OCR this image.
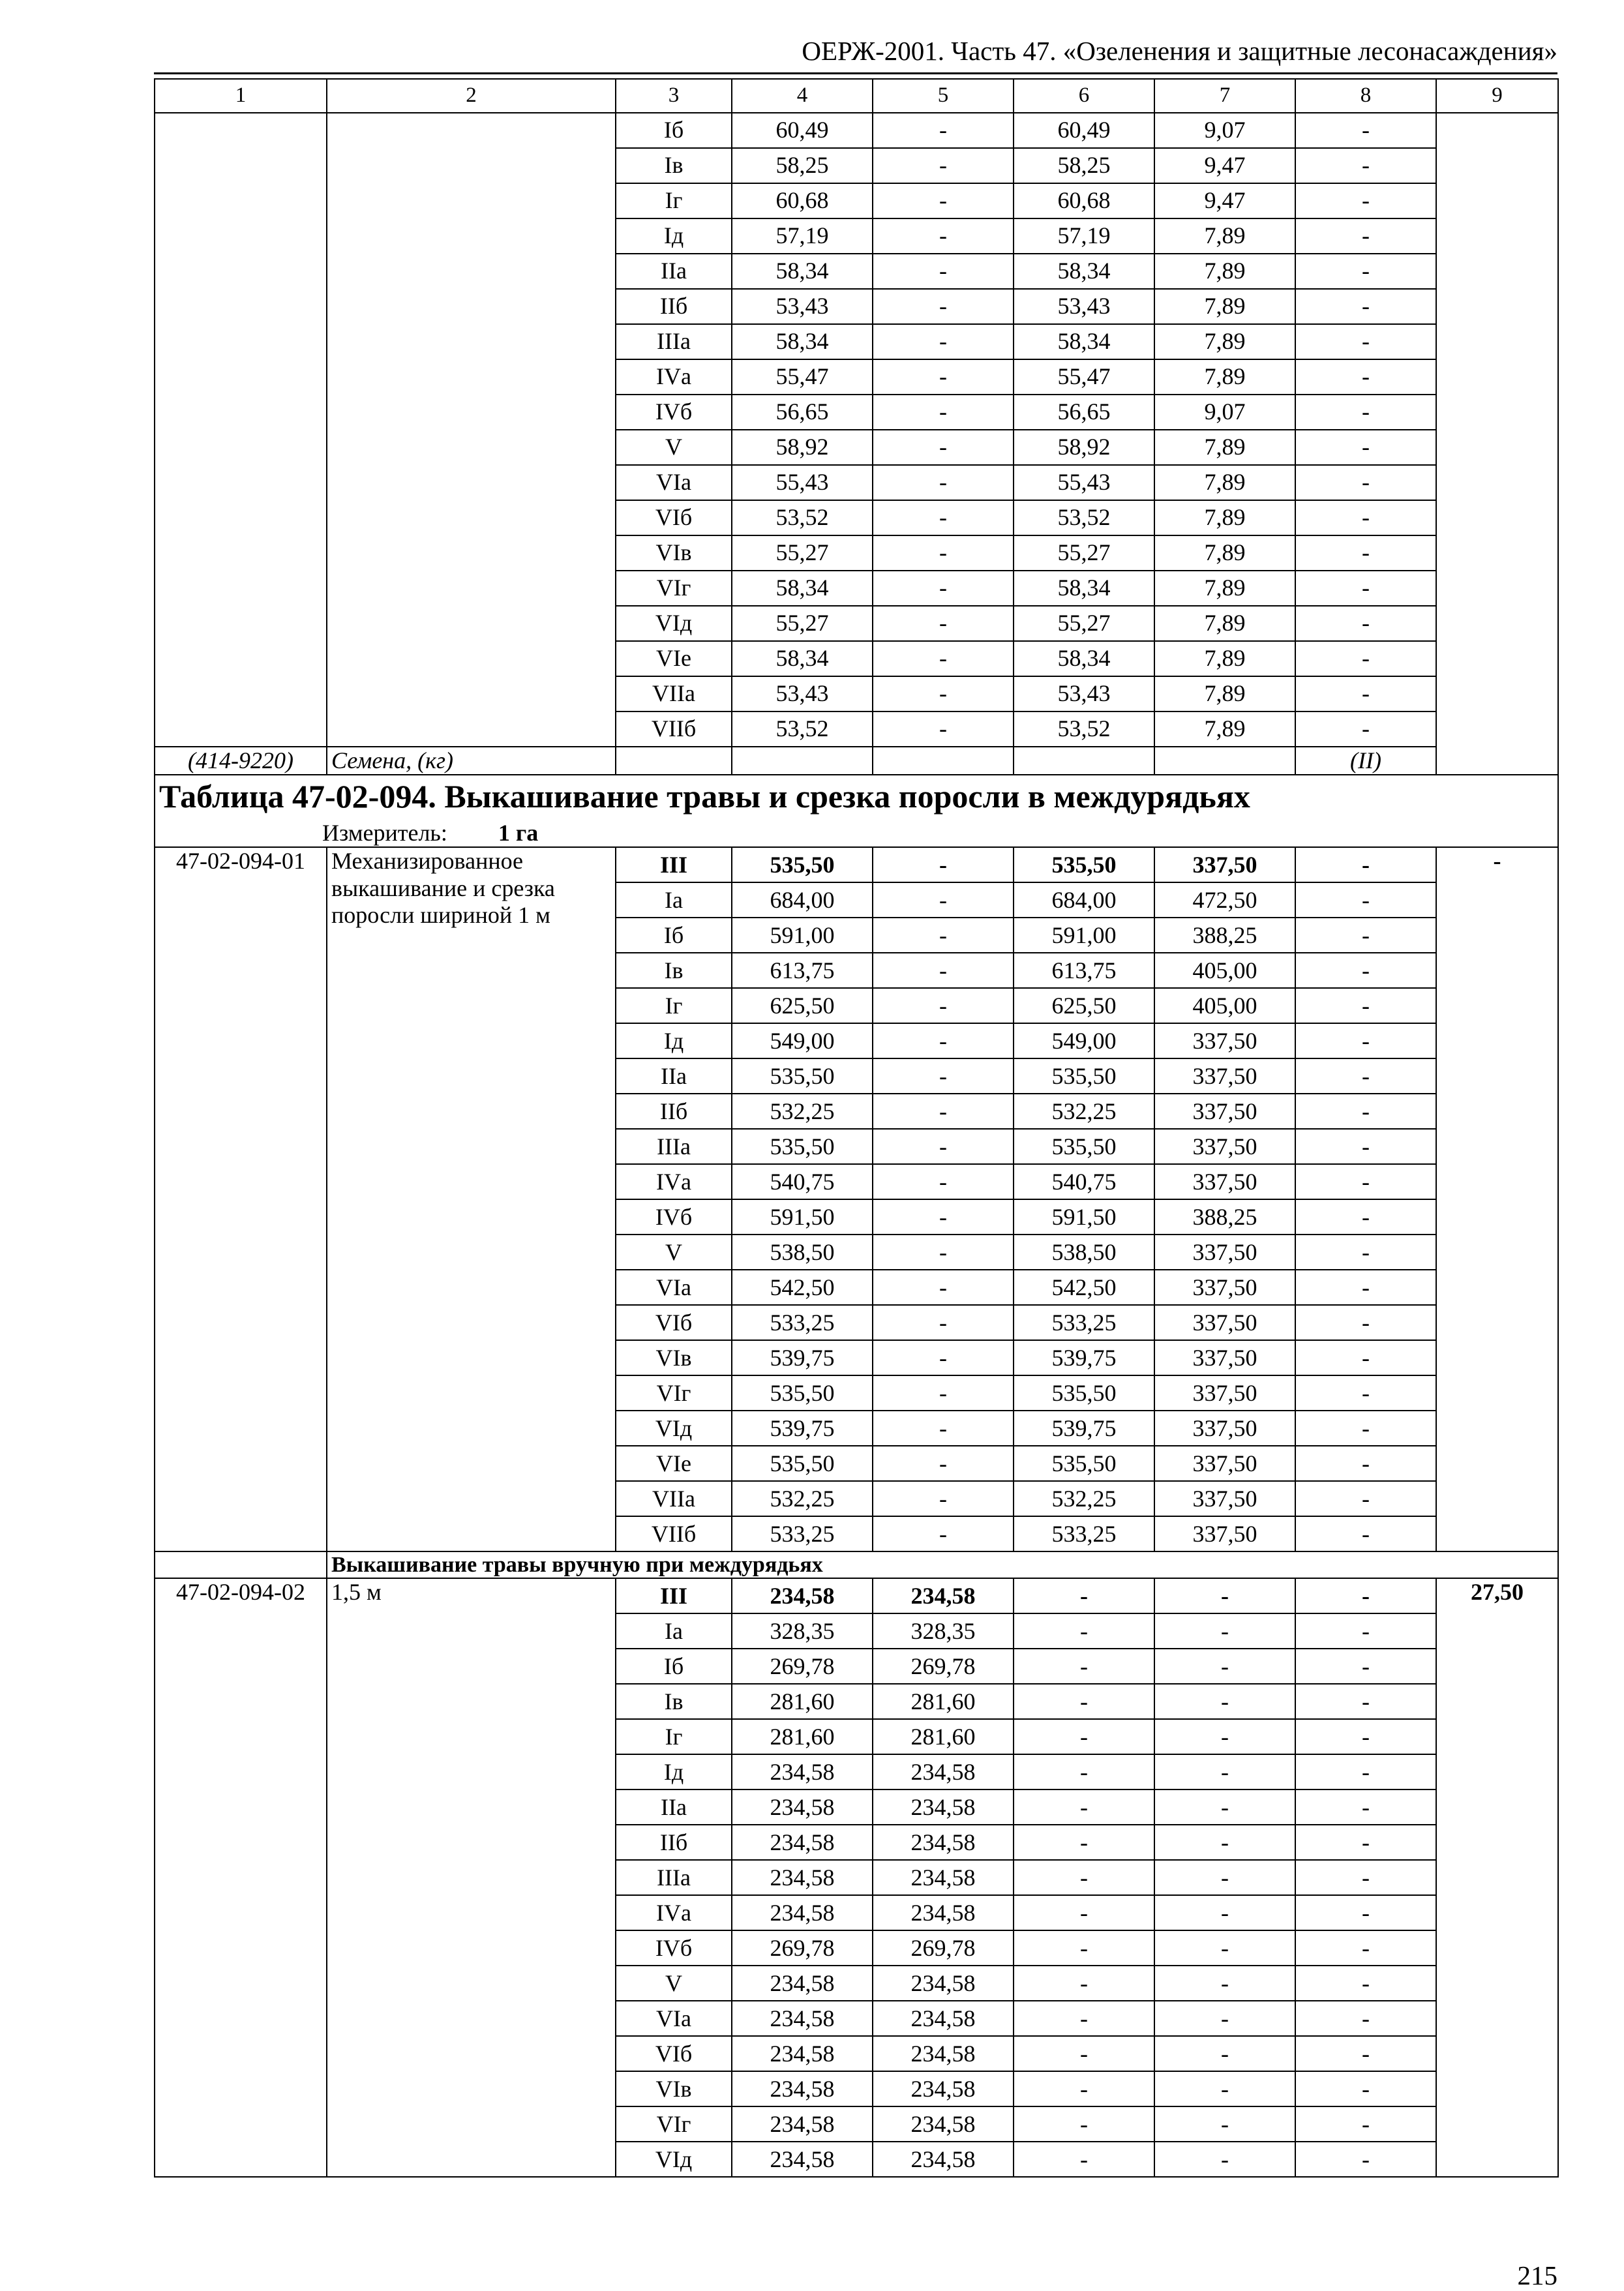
ОЕРЖ-2001. Часть 47. «Озеленения и защитные лесонасаждения»
1	2	3	4	5	6	7	8	9
		Iб	60,49	-	60,49	9,07	-	
		Iв	58,25	-	58,25	9,47	-	
		Iг	60,68	-	60,68	9,47	-	
		Iд	57,19	-	57,19	7,89	-	
		IIа	58,34	-	58,34	7,89	-	
		IIб	53,43	-	53,43	7,89	-	
		IIIа	58,34	-	58,34	7,89	-	
		IVа	55,47	-	55,47	7,89	-	
		IVб	56,65	-	56,65	9,07	-	
		V	58,92	-	58,92	7,89	-	
		VIа	55,43	-	55,43	7,89	-	
		VIб	53,52	-	53,52	7,89	-	
		VIв	55,27	-	55,27	7,89	-	
		VIг	58,34	-	58,34	7,89	-	
		VIд	55,27	-	55,27	7,89	-	
		VIе	58,34	-	58,34	7,89	-	
		VIIа	53,43	-	53,43	7,89	-	
		VIIб	53,52	-	53,52	7,89	-	
(414-9220)	Семена, (кг)						(II)	

Таблица 47-02-094. Выкашивание травы и срезка поросли в междурядьях
Измеритель: 1 га								

47-02-094-01	Механизированное выкашивание и срезка поросли шириной 1 м	III	535,50	-	535,50	337,50	-	-
		Iа	684,00	-	684,00	472,50	-	
		Iб	591,00	-	591,00	388,25	-	
		Iв	613,75	-	613,75	405,00	-	
		Iг	625,50	-	625,50	405,00	-	
		Iд	549,00	-	549,00	337,50	-	
		IIа	535,50	-	535,50	337,50	-	
		IIб	532,25	-	532,25	337,50	-	
		IIIа	535,50	-	535,50	337,50	-	
		IVа	540,75	-	540,75	337,50	-	
		IVб	591,50	-	591,50	388,25	-	
		V	538,50	-	538,50	337,50	-	
		VIа	542,50	-	542,50	337,50	-	
		VIб	533,25	-	533,25	337,50	-	
		VIв	539,75	-	539,75	337,50	-	
		VIг	535,50	-	535,50	337,50	-	
		VIд	539,75	-	539,75	337,50	-	
		VIе	535,50	-	535,50	337,50	-	
		VIIа	532,25	-	532,25	337,50	-	
		VIIб	533,25	-	533,25	337,50	-	
	Выкашивание травы вручную при междурядьях							
47-02-094-02	1,5 м	III	234,58	234,58	-	-	-	27,50
		Iа	328,35	328,35	-	-	-	
		Iб	269,78	269,78	-	-	-	
		Iв	281,60	281,60	-	-	-	
		Iг	281,60	281,60	-	-	-	
		Iд	234,58	234,58	-	-	-	
		IIа	234,58	234,58	-	-	-	
		IIб	234,58	234,58	-	-	-	
		IIIа	234,58	234,58	-	-	-	
		IVа	234,58	234,58	-	-	-	
		IVб	269,78	269,78	-	-	-	
		V	234,58	234,58	-	-	-	
		VIа	234,58	234,58	-	-	-	
		VIб	234,58	234,58	-	-	-	
		VIв	234,58	234,58	-	-	-	
		VIг	234,58	234,58	-	-	-	
		VIд	234,58	234,58	-	-	-	
215
